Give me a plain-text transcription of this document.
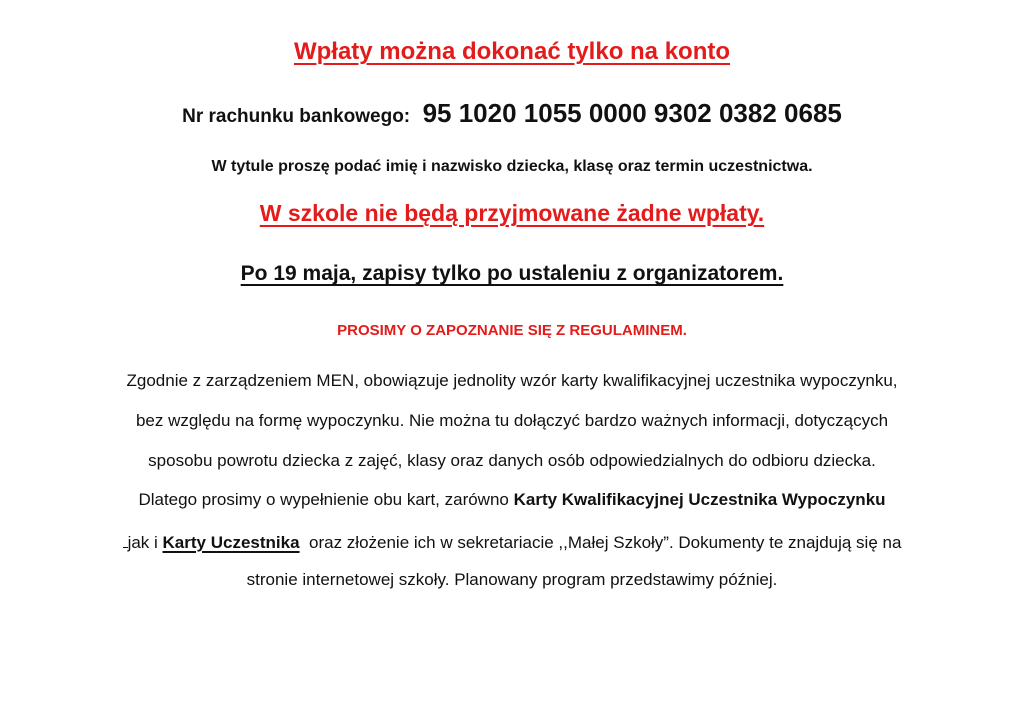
Wpłaty można dokonać tylko na konto
Nr rachunku bankowego: 95 1020 1055 0000 9302 0382 0685
W tytule proszę podać imię i nazwisko dziecka, klasę oraz termin uczestnictwa.
W szkole nie będą przyjmowane żadne wpłaty.
Po 19 maja, zapisy tylko po ustaleniu z organizatorem.
PROSIMY O ZAPOZNANIE SIĘ Z REGULAMINEM.
Zgodnie z zarządzeniem MEN, obowiązuje jednolity wzór karty kwalifikacyjnej uczestnika wypoczynku,
bez względu na formę wypoczynku. Nie można tu dołączyć bardzo ważnych informacji, dotyczących
sposobu powrotu dziecka z zajęć, klasy oraz danych osób odpowiedzialnych do odbioru dziecka.
Dlatego prosimy o wypełnienie obu kart, zarówno Karty Kwalifikacyjnej Uczestnika Wypoczynku
jak i Karty Uczestnika  oraz złożenie ich w sekretariacie ,,Małej Szkoły”. Dokumenty te znajdują się na
stronie internetowej szkoły. Planowany program przedstawimy później.
